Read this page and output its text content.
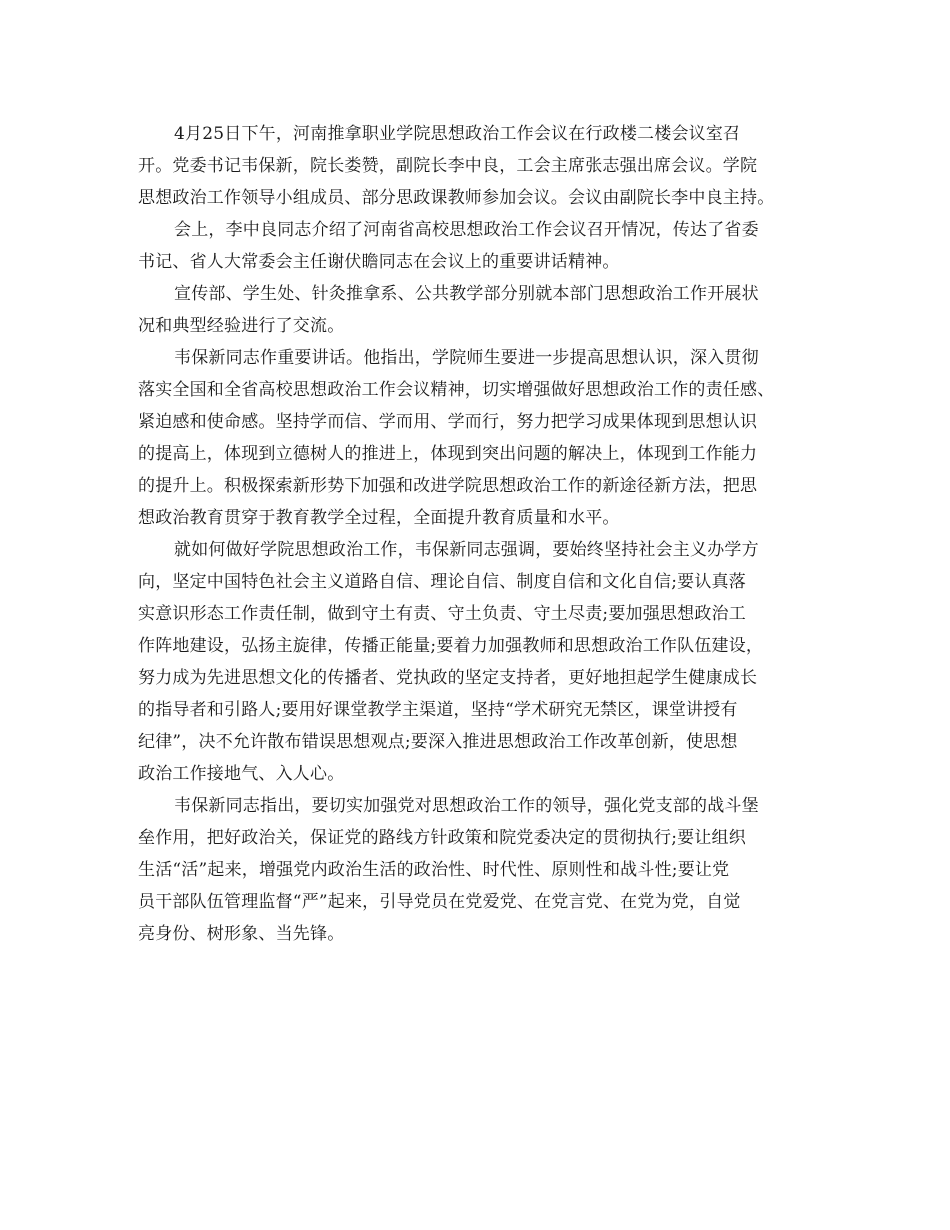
4月25日下午，河南推拿职业学院思想政治工作会议在行政楼二楼会议室召
开。党委书记韦保新，院长娄赞，副院长李中良，工会主席张志强出席会议。学院
思想政治工作领导小组成员、部分思政课教师参加会议。会议由副院长李中良主持。
会上，李中良同志介绍了河南省高校思想政治工作会议召开情况，传达了省委
书记、省人大常委会主任谢伏瞻同志在会议上的重要讲话精神。
宣传部、学生处、针灸推拿系、公共教学部分别就本部门思想政治工作开展状
况和典型经验进行了交流。
韦保新同志作重要讲话。他指出，学院师生要进一步提高思想认识，深入贯彻
落实全国和全省高校思想政治工作会议精神，切实增强做好思想政治工作的责任感、
紧迫感和使命感。坚持学而信、学而用、学而行，努力把学习成果体现到思想认识
的提高上，体现到立德树人的推进上，体现到突出问题的解决上，体现到工作能力
的提升上。积极探索新形势下加强和改进学院思想政治工作的新途径新方法，把思
想政治教育贯穿于教育教学全过程，全面提升教育质量和水平。
就如何做好学院思想政治工作，韦保新同志强调，要始终坚持社会主义办学方
向，坚定中国特色社会主义道路自信、理论自信、制度自信和文化自信;要认真落
实意识形态工作责任制，做到守土有责、守土负责、守土尽责;要加强思想政治工
作阵地建设，弘扬主旋律，传播正能量;要着力加强教师和思想政治工作队伍建设，
努力成为先进思想文化的传播者、党执政的坚定支持者，更好地担起学生健康成长
的指导者和引路人;要用好课堂教学主渠道，坚持“学术研究无禁区，课堂讲授有
纪律”，决不允许散布错误思想观点;要深入推进思想政治工作改革创新，使思想
政治工作接地气、入人心。
韦保新同志指出，要切实加强党对思想政治工作的领导，强化党支部的战斗堡
垒作用，把好政治关，保证党的路线方针政策和院党委决定的贯彻执行;要让组织
生活“活”起来，增强党内政治生活的政治性、时代性、原则性和战斗性;要让党
员干部队伍管理监督“严”起来，引导党员在党爱党、在党言党、在党为党，自觉
亮身份、树形象、当先锋。
